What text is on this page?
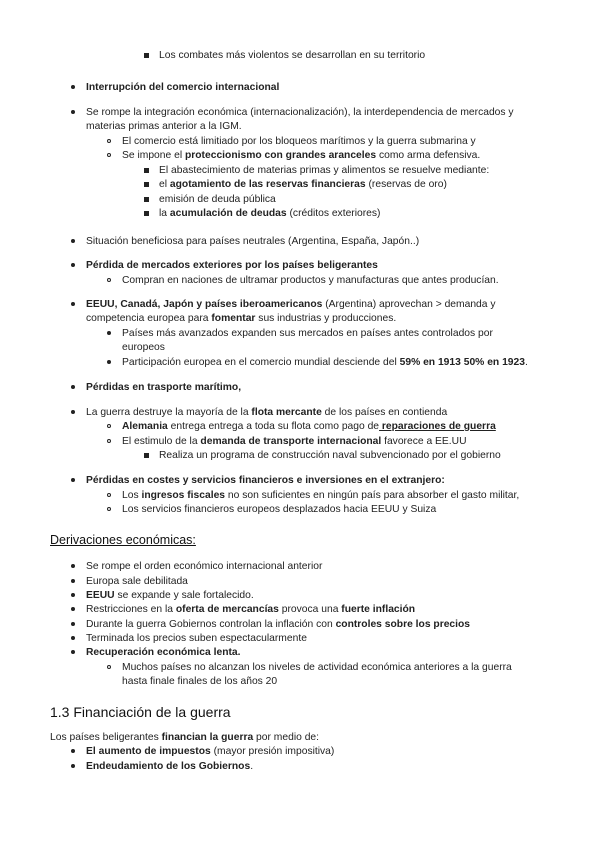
Los combates más violentos se desarrollan en su territorio
Interrupción del comercio internacional
Se rompe la integración económica (internacionalización), la interdependencia de mercados y
materias primas anterior a la IGM.
El comercio está limitiado por los bloqueos marítimos y la guerra submarina y
Se impone el proteccionismo con grandes aranceles como arma defensiva.
El abastecimiento de materias primas y alimentos se resuelve mediante:
el agotamiento de las reservas financieras (reservas de oro)
emisión de deuda pública
la acumulación de deudas (créditos exteriores)
Situación beneficiosa para países neutrales (Argentina, España, Japón..)
Pérdida de mercados exteriores por los países beligerantes
Compran en naciones de ultramar productos y manufacturas que antes producían.
EEUU, Canadá, Japón y países iberoamericanos (Argentina) aprovechan > demanda y
competencia europea para fomentar sus industrias y producciones.
Países más avanzados expanden sus mercados en países antes controlados por
europeos
Participación europea en el comercio mundial desciende del 59% en 1913 50% en 1923.
Pérdidas en trasporte marítimo,
La guerra destruye la mayoría de la flota mercante de los países en contienda
Alemania entrega entrega a toda su flota como pago de reparaciones de guerra
El estimulo de la demanda de transporte internacional favorece a EE.UU
Realiza un programa de construcción naval subvencionado por el gobierno
Pérdidas en costes y servicios financieros e inversiones en el extranjero:
Los ingresos fiscales no son suficientes en ningún país para absorber el gasto militar,
Los servicios financieros europeos desplazados hacia EEUU y Suiza
Derivaciones económicas:
Se rompe el orden económico internacional anterior
Europa sale debilitada
EEUU se expande y sale fortalecido.
Restricciones en la oferta de mercancías provoca una fuerte inflación
Durante la guerra Gobiernos controlan la inflación con controles sobre los precios
Terminada los precios suben espectacularmente
Recuperación económica lenta.
Muchos países no alcanzan los niveles de actividad económica anteriores a la guerra
hasta finale finales de los años 20
1.3 Financiación de la guerra
Los países beligerantes financian la guerra por medio de:
El aumento de impuestos (mayor presión impositiva)
Endeudamiento de los Gobiernos.
